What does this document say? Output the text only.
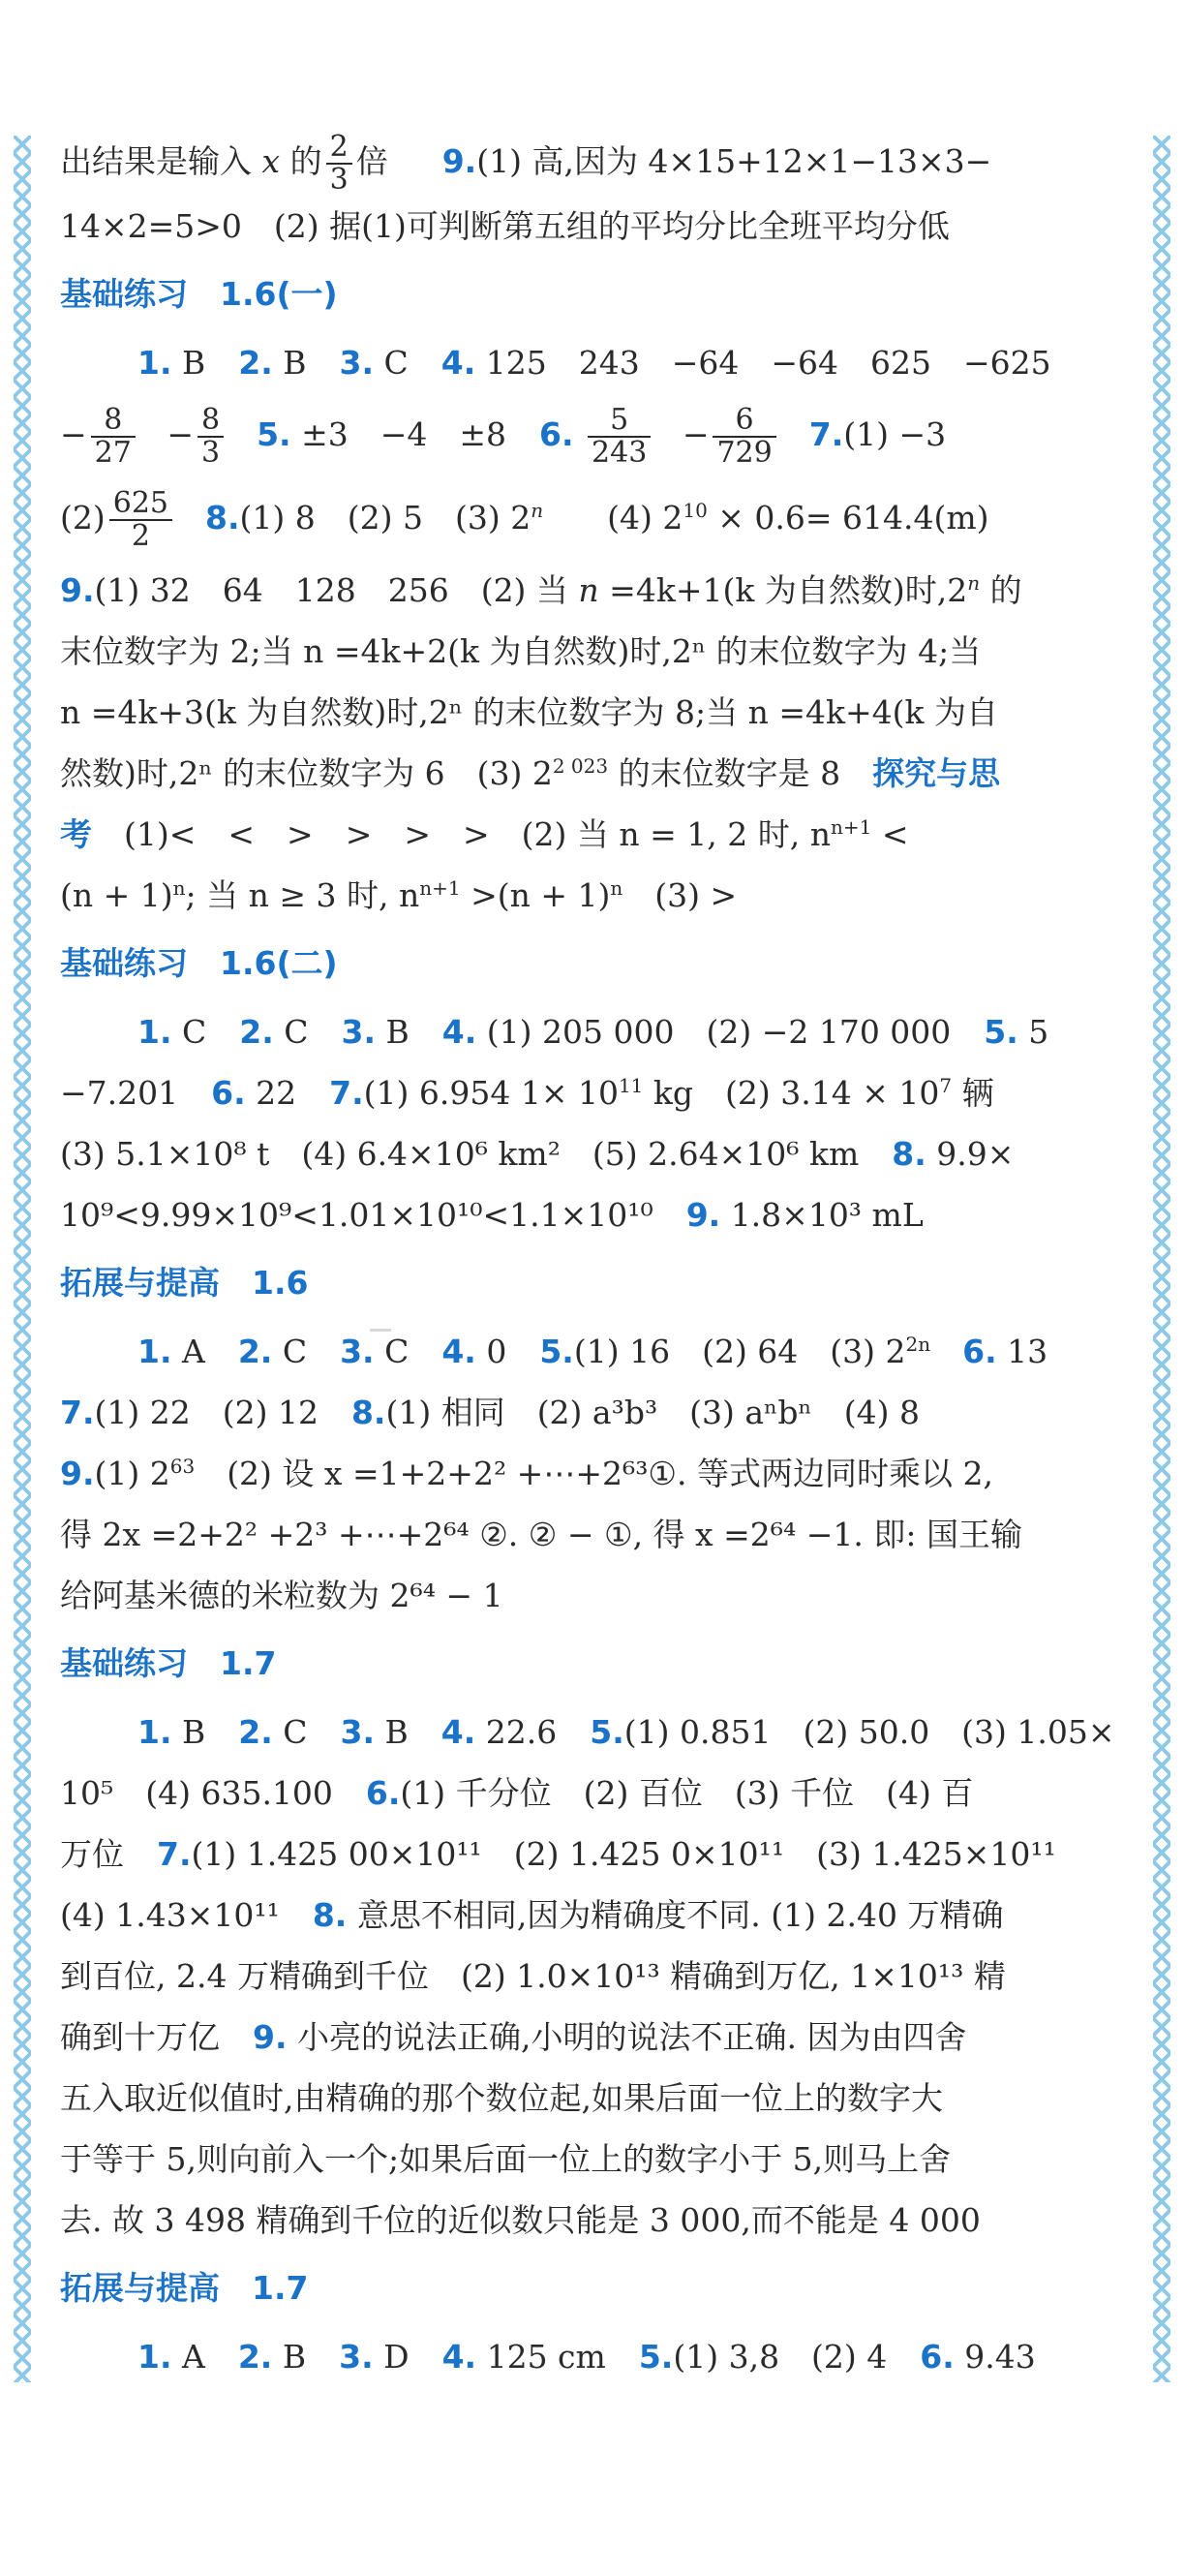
出结果是输入 x 的 $\frac{2}{3}$ 倍 9.(1) 高,因为 4×15+12×1−13×3−
14×2=5>0　(2) 据(1)可判断第五组的平均分比全班平均分低
基础练习　1.6(一)
1. B 2. B 3. C 4. 125　243　−64　−64　625　−625
− $\frac{8}{27} - \frac{8}{3} 5$. ±3　−4　±8 6. $\frac{5}{243} - \frac{6}{729} 7.(1) -3$
$(2) \frac{625}{2} 8.(1)$ 8　(2) 5　(3) 2$^n$　　 (4) $2^{10} \times 0.6= 614.4(m)$
9.(1) 32　64　128　256　(2) 当 n =4k+1(k 为自然数)时,2$^n$ 的
末位数字为 2;当 n =4k+2(k 为自然数)时,2ⁿ 的末位数字为 4;当
n =4k+3(k 为自然数)时,2ⁿ 的末位数字为 8;当 n =4k+4(k 为自
然数)时,2ⁿ 的末位数字为 6　(3) $2^{2 023}$ 的末位数字是 8　 探究与思
考　 (1)<　<　>　>　>　>　(2) 当 n = 1, 2 时, $n^{n+1}$ <
$(n + 1)^n$; 当 n ≥ 3 时, $n^{n+1} >(n + 1)^n$　(3) >
基础练习　1.6(二)
1. C 2. C 3. B 4. (1) 205 000　(2) −2 170 000 5. 5
−7.201 6. 22 7.(1) 6.954 $1\times 10^{11}$ kg　(2) $3.14 \times 10^7$ 辆
(3) 5.1×10⁸ t　(4) 6.4×10⁶ km²　(5) 2.64×10⁶ km 8. 9.9×
10⁹<9.99×10⁹<1.01×10¹⁰<1.1×10¹⁰ 9. 1.8×10³ mL
拓展与提高　1.6
1. A 2. C 3. C 4. 0 5.(1) 16　(2) 64　(3) $2^{2n}$　 6. 13
7.(1) 22　(2) 12 8.(1) 相同　(2) a³b³　(3) aⁿbⁿ　(4) 8
9.(1) $2^{63}$　(2) 设 x =1+2+2² +⋯+2⁶³①. 等式两边同时乘以 2,
得 2x =2+2² +2³ +⋯+2⁶⁴ ②. ② − ①, 得 x =2⁶⁴ −1. 即: 国王输
给阿基米德的米粒数为 2⁶⁴ − 1
基础练习　1.7
1. B 2. C 3. B 4. 22.6 5.(1) 0.851　(2) 50.0　(3) 1.05×
10⁵　(4) 635.100 6.(1) 千分位　(2) 百位　(3) 千位　(4) 百
万位 7.(1) 1.425 00×10¹¹　(2) 1.425 0×10¹¹　(3) 1.425×10¹¹
(4) 1.43×10¹¹ 8. 意思不相同,因为精确度不同. (1) 2.40 万精确
到百位, 2.4 万精确到千位　(2) 1.0×10¹³ 精确到万亿, 1×10¹³ 精
确到十万亿 9. 小亮的说法正确,小明的说法不正确. 因为由四舍
五入取近似值时,由精确的那个数位起,如果后面一位上的数字大
于等于 5,则向前入一个;如果后面一位上的数字小于 5,则马上舍
去. 故 3 498 精确到千位的近似数只能是 3 000,而不能是 4 000
拓展与提高　1.7
1. A 2. B 3. D 4. 125 cm 5.(1) 3,8　(2) 4 6. 9.43
